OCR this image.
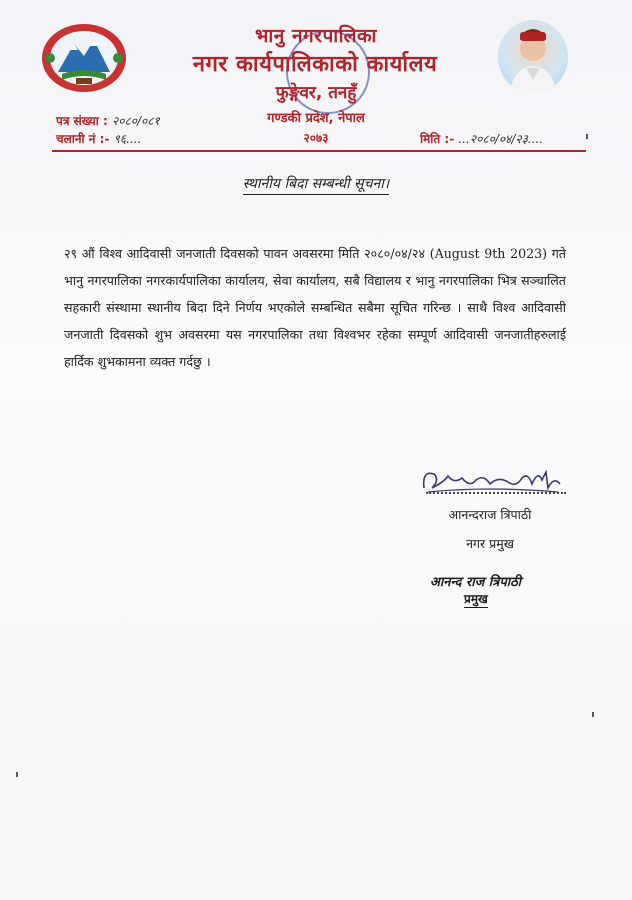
भानु नगरपालिका
नगर कार्यपालिकाको कार्यालय
फुङ्गेवर, तनहुँ
गण्डकी प्रदेश, नेपाल
२०७३
पत्र संख्या : २०८०/०८१
चलानी नं :- ९६....	मिति :- ...२०८०/०४/२३....
स्थानीय बिदा सम्बन्धी सूचना।
२९ औं विश्व आदिवासी जनजाती दिवसको पावन अवसरमा मिति २०८०/०४/२४ (August 9th 2023) गते भानु नगरपालिका नगरकार्यपालिका कार्यालय, सेवा कार्यालय, सबै विद्यालय र भानु नगरपालिका भित्र सञ्चालित सहकारी संस्थामा स्थानीय बिदा दिने निर्णय भएकोले सम्बन्धित सबैमा सूचित गरिन्छ । साथै विश्व आदिवासी जनजाती दिवसको शुभ अवसरमा यस नगरपालिका तथा विश्वभर रहेका सम्पूर्ण आदिवासी जनजातीहरुलाई हार्दिक शुभकामना व्यक्त गर्दछु ।
आनन्दराज त्रिपाठी
नगर प्रमुख
आनन्द राज त्रिपाठी
प्रमुख
